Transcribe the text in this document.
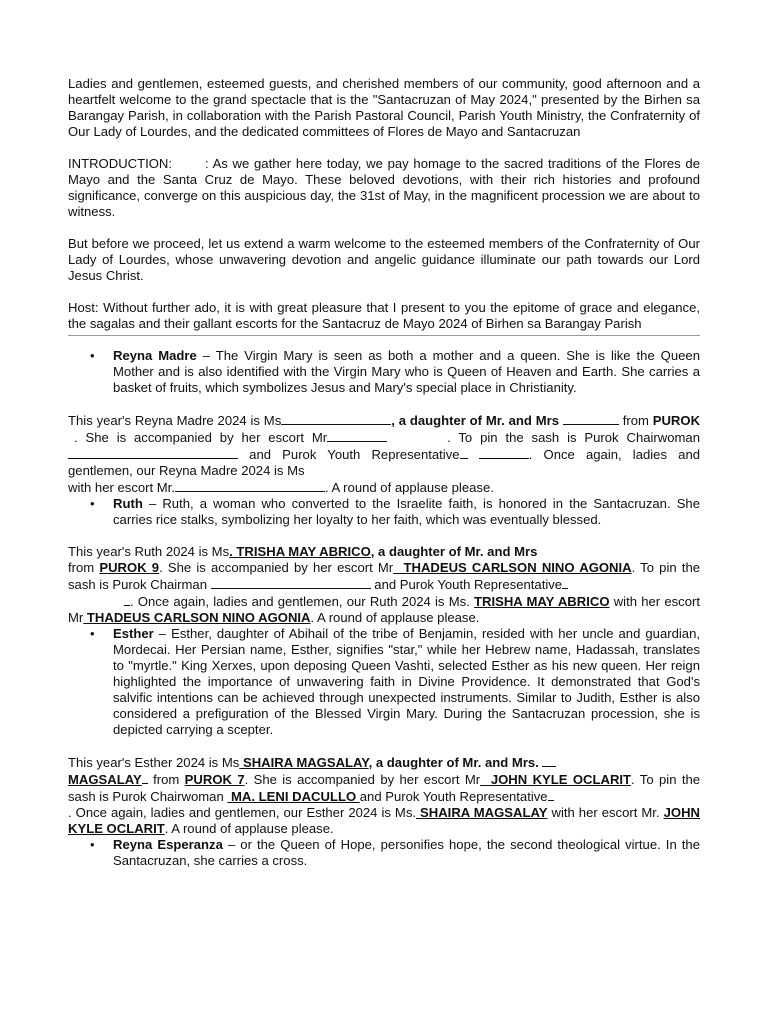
Ladies and gentlemen, esteemed guests, and cherished members of our community, good afternoon and a heartfelt welcome to the grand spectacle that is the "Santacruzan of May 2024," presented by the Birhen sa Barangay Parish, in collaboration with the Parish Pastoral Council, Parish Youth Ministry, the Confraternity of Our Lady of Lourdes, and the dedicated committees of Flores de Mayo and Santacruzan

INTRODUCTION:       : As we gather here today, we pay homage to the sacred traditions of the Flores de Mayo and the Santa Cruz de Mayo. These beloved devotions, with their rich histories and profound significance, converge on this auspicious day, the 31st of May, in the magnificent procession we are about to witness.

But before we proceed, let us extend a warm welcome to the esteemed members of the Confraternity of Our Lady of Lourdes, whose unwavering devotion and angelic guidance illuminate our path towards our Lord Jesus Christ.

Host: Without further ado, it is with great pleasure that I present to you the epitome of grace and elegance, the sagalas and their gallant escorts for the Santacruz de Mayo 2024 of Birhen sa Barangay Parish

• Reyna Madre – The Virgin Mary is seen as both a mother and a queen. She is like the Queen Mother and is also identified with the Virgin Mary who is Queen of Heaven and Earth. She carries a basket of fruits, which symbolizes Jesus and Mary's special place in Christianity.

This year's Reyna Madre 2024 is Ms	, a daughter of Mr. and Mrs	from PUROK. She is accompanied by her escort Mr	. To pin the sash is Purok Chairwoman  and Purok Youth Representative	. Once again, ladies and gentlemen, our Reyna Madre 2024 is Ms
with her escort Mr.	. A round of applause please.

• Ruth – Ruth, a woman who converted to the Israelite faith, is honored in the Santacruzan. She carries rice stalks, symbolizing her loyalty to her faith, which was eventually blessed.

This year's Ruth 2024 is Ms. TRISHA MAY ABRICO, a daughter of Mr. and Mrs
from PUROK 9. She is accompanied by her escort Mr THADEUS CARLSON NINO AGONIA. To pin the sash is Purok Chairman	and Purok Youth Representative
. Once again, ladies and gentlemen, our Ruth 2024 is Ms. TRISHA MAY ABRICO with her escort Mr THADEUS CARLSON NINO AGONIA. A round of applause please.

• Esther – Esther, daughter of Abihail of the tribe of Benjamin, resided with her uncle and guardian, Mordecai. Her Persian name, Esther, signifies "star," while her Hebrew name, Hadassah, translates to "myrtle." King Xerxes, upon deposing Queen Vashti, selected Esther as his new queen. Her reign highlighted the importance of unwavering faith in Divine Providence. It demonstrated that God's salvific intentions can be achieved through unexpected instruments. Similar to Judith, Esther is also considered a prefiguration of the Blessed Virgin Mary. During the Santacruzan procession, she is depicted carrying a scepter.

This year's Esther 2024 is Ms SHAIRA MAGSALAY, a daughter of Mr. and Mrs.
MAGSALAY from PUROK 7. She is accompanied by her escort Mr JOHN KYLE OCLARIT. To pin the sash is Purok Chairwoman MA. LENI DACULLO and Purok Youth Representative
. Once again, ladies and gentlemen, our Esther 2024 is Ms. SHAIRA MAGSALAY with her escort Mr. JOHN KYLE OCLARIT. A round of applause please.

• Reyna Esperanza – or the Queen of Hope, personifies hope, the second theological virtue. In the Santacruzan, she carries a cross.
